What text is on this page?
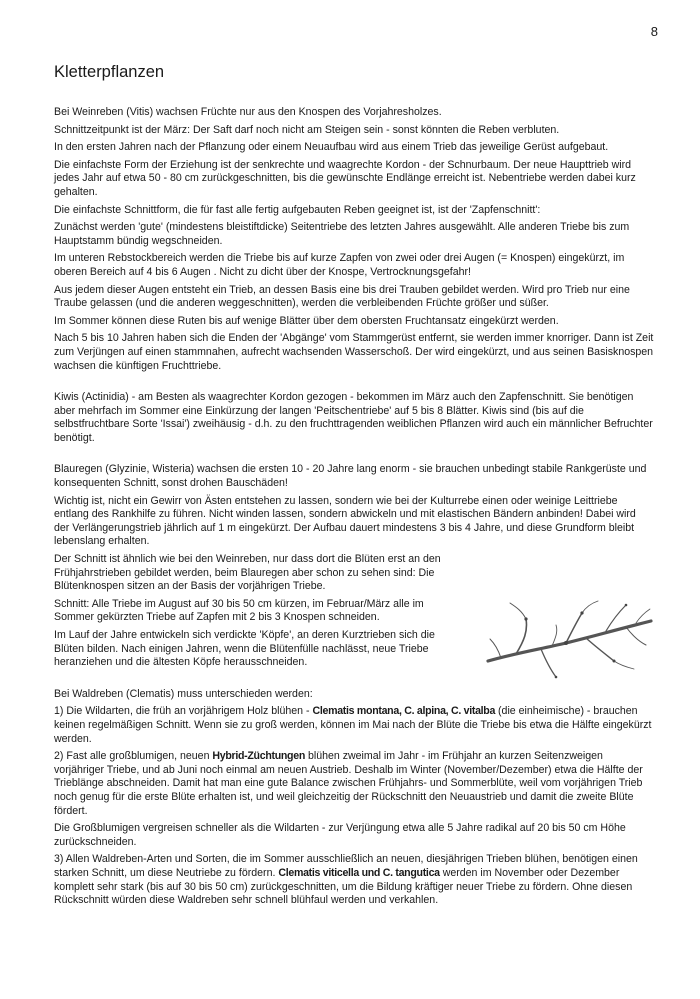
8
Kletterpflanzen

Bei Weinreben (Vitis) wachsen Früchte nur aus den Knospen des Vorjahresholzes.

Schnittzeitpunkt ist der März: Der Saft darf noch nicht am Steigen sein - sonst könnten die Reben verbluten.

In den ersten Jahren nach der Pflanzung oder einem Neuaufbau wird aus einem Trieb das jeweilige Gerüst aufgebaut.

Die einfachste Form der Erziehung ist der senkrechte und waagrechte Kordon - der Schnurbaum. Der neue Haupttrieb wird jedes Jahr auf etwa 50 - 80 cm zurückgeschnitten, bis die gewünschte Endlänge erreicht ist. Nebentriebe werden dabei kurz gehalten.

Die einfachste Schnittform, die für fast alle fertig aufgebauten Reben geeignet ist, ist der 'Zapfenschnitt':

Zunächst werden 'gute' (mindestens bleistiftdicke) Seitentriebe des letzten Jahres ausgewählt. Alle anderen Triebe bis zum Hauptstamm bündig wegschneiden.

Im unteren Rebstockbereich werden die Triebe bis auf kurze Zapfen von zwei oder drei Augen (= Knospen) eingekürzt, im oberen Bereich auf 4 bis 6 Augen . Nicht zu dicht über der Knospe, Vertrocknungsgefahr!

Aus jedem dieser Augen entsteht ein Trieb, an dessen Basis eine bis drei Trauben gebildet werden. Wird pro Trieb nur eine Traube gelassen (und die anderen weggeschnitten), werden die verbleibenden Früchte größer und süßer.

Im Sommer können diese Ruten bis auf wenige Blätter über dem obersten Fruchtansatz eingekürzt werden.

Nach 5 bis 10 Jahren haben sich die Enden der 'Abgänge' vom Stammgerüst entfernt, sie werden immer knorriger. Dann ist Zeit zum Verjüngen auf einen stammnahen, aufrecht wachsenden Wasserschoß. Der wird eingekürzt, und aus seinen Basisknospen wachsen die künftigen Fruchttriebe.

Kiwis (Actinidia) - am Besten als waagrechter Kordon gezogen - bekommen im März auch den Zapfenschnitt. Sie benötigen aber mehrfach im Sommer eine Einkürzung der langen 'Peitschentriebe' auf 5 bis 8 Blätter. Kiwis sind (bis auf die selbstfruchtbare Sorte 'Issai') zweihäusig - d.h. zu den fruchttragenden weiblichen Pflanzen wird auch ein männlicher Befruchter benötigt.

Blauregen (Glyzinie, Wisteria) wachsen die ersten 10 - 20 Jahre lang enorm - sie brauchen unbedingt stabile Rankgerüste und konsequenten Schnitt, sonst drohen Bauschäden!

Wichtig ist, nicht ein Gewirr von Ästen entstehen zu lassen, sondern wie bei der Kulturrebe einen oder weinige Leittriebe entlang des Rankhilfe zu führen. Nicht winden lassen, sondern abwickeln und mit elastischen Bändern anbinden! Dabei wird der Verlängerungstrieb jährlich auf 1 m eingekürzt. Der Aufbau dauert mindestens 3 bis 4 Jahre, und diese Grundform bleibt lebenslang erhalten.

Der Schnitt ist ähnlich wie bei den Weinreben, nur dass dort die Blüten erst an den Frühjahrstrieben gebildet werden, beim Blauregen aber schon zu sehen sind: Die Blütenknospen sitzen an der Basis der vorjährigen Triebe.

Schnitt: Alle Triebe im August auf 30 bis 50 cm kürzen, im Februar/März alle im Sommer gekürzten Triebe auf Zapfen mit 2 bis 3 Knospen schneiden.

Im Lauf der Jahre entwickeln sich verdickte 'Köpfe', an deren Kurztrieben sich die Blüten bilden. Nach einigen Jahren, wenn die Blütenfülle nachlässt, neue Triebe heranziehen und die ältesten Köpfe herausschneiden.

Bei Waldreben (Clematis) muss unterschieden werden:

1) Die Wildarten, die früh an vorjährigem Holz blühen - Clematis montana, C. alpina, C. vitalba (die einheimische) - brauchen keinen regelmäßigen Schnitt. Wenn sie zu groß werden, können im Mai nach der Blüte die Triebe bis etwa die Hälfte eingekürzt werden.

2) Fast alle großblumigen, neuen Hybrid-Züchtungen blühen zweimal im Jahr - im Frühjahr an kurzen Seitenzweigen vorjähriger Triebe, und ab Juni noch einmal am neuen Austrieb. Deshalb im Winter (November/Dezember) etwa die Hälfte der Trieblänge abschneiden. Damit hat man eine gute Balance zwischen Frühjahrs- und Sommerblüte, weil vom vorjährigen Trieb noch genug für die erste Blüte erhalten ist, und weil gleichzeitig der Rückschnitt den Neuaustrieb und damit die zweite Blüte fördert.

Die Großblumigen vergreisen schneller als die Wildarten - zur Verjüngung etwa alle 5 Jahre radikal auf 20 bis 50 cm Höhe zurückschneiden.

3) Allen Waldreben-Arten und Sorten, die im Sommer ausschließlich an neuen, diesjährigen Trieben blühen, benötigen einen starken Schnitt, um diese Neutriebe zu fördern. Clematis viticella und C. tangutica werden im November oder Dezember komplett sehr stark (bis auf 30 bis 50 cm) zurückgeschnitten, um die Bildung kräftiger neuer Triebe zu fördern. Ohne diesen Rückschnitt würden diese Waldreben sehr schnell blühfaul werden und verkahlen.
